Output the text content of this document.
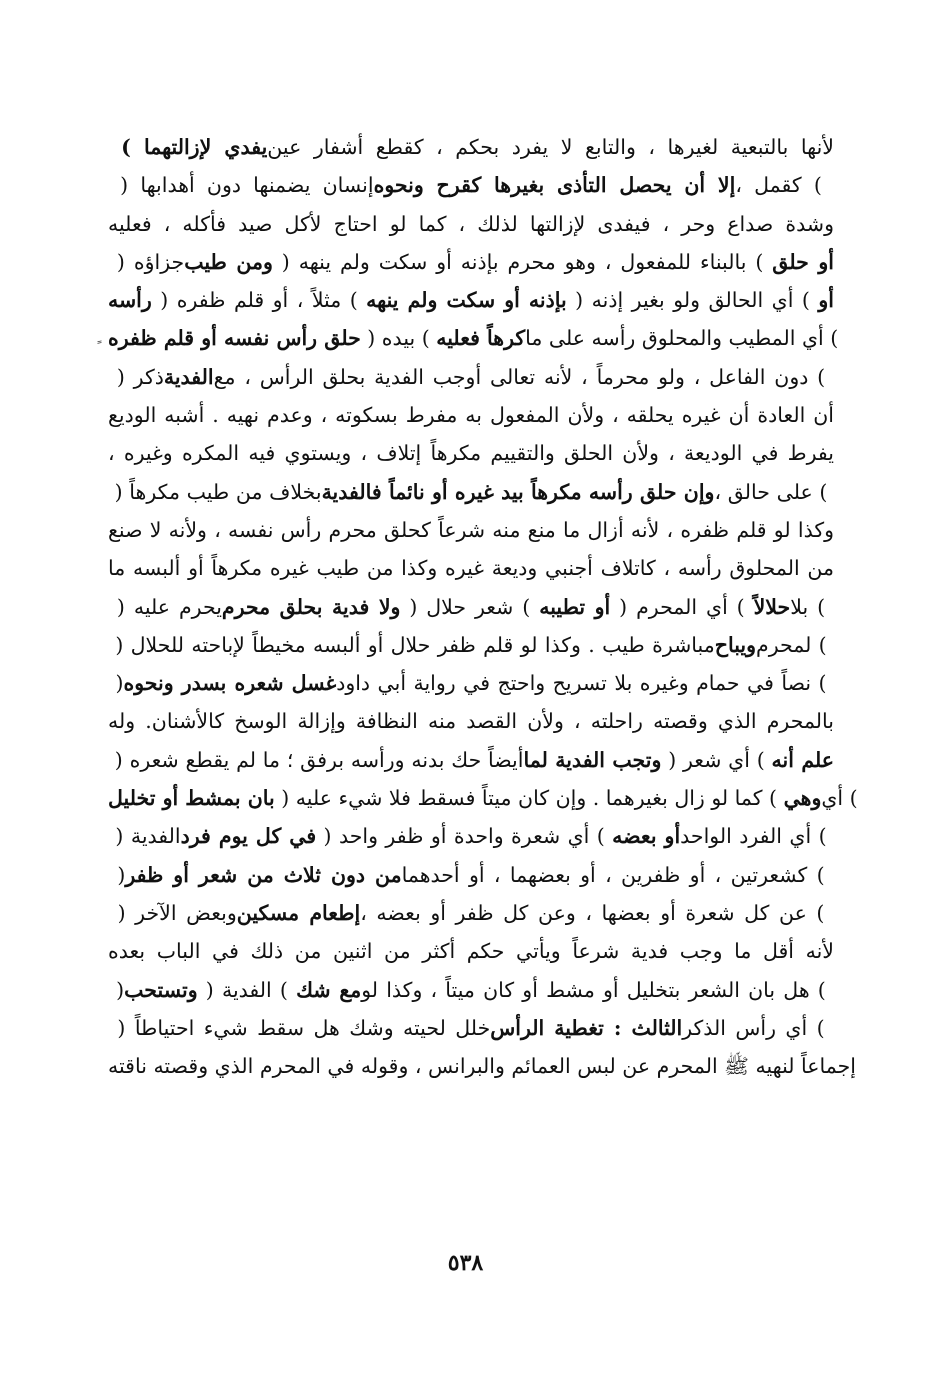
يفدي لإزالتهما ) لأنها بالتبعية لغيرها ، والتابع لا يفرد بحكم ، كقطع أشفار عين
إنسان يضمنها دون أهدابها ( إلا أن يحصل التأذى بغيرها كقرح ونحوه ) كقمل ،
وشدة صداع وحر ، فيفدى لإزالتها لذلك ، كما لو احتاج لأكل صيد فأكله ، فعليه
جزاؤه ( ومن طيب ) بالبناء للمفعول ، وهو محرم بإذنه أو سكت ولم ينهه ( أو حلق
رأسه ) مثلاً ، أو قلم ظفره ( بإذنه أو سكت ولم ينهه ) أي الحالق ولو بغير إذنه ( أو
حلق رأس نفسه أو قلم ظفره ) بيده ( كرهاً فعليه ) أي المطيب والمحلوق رأسه على ما
ذكر ( الفدية ) دون الفاعل ، ولو محرماً ، لأنه تعالى أوجب الفدية بحلق الرأس ، مع
أن العادة أن غيره يحلقه ، ولأن المفعول به مفرط بسكوته ، وعدم نهيه . أشبه الوديع
يفرط في الوديعة ، ولأن الحلق والتقييم مكرهاً إتلاف ، ويستوي فيه المكره وغيره ،
بخلاف من طيب مكرهاً ( وإن حلق رأسه مكرهاً بيد غيره أو نائماً فالفدية ) على حالق ،
وكذا لو قلم ظفره ، لأنه أزال ما منع منه شرعاً كحلق محرم رأس نفسه ، ولأنه لا صنع
من المحلوق رأسه ، كاتلاف أجنبي وديعة غيره وكذا من طيب غيره مكرهاً أو ألبسه ما
يحرم عليه ( ولا فدية بحلق محرم ) شعر حلال ( أو تطيبه ) أي المحرم ( حلالاً ) بلا
مباشرة طيب . وكذا لو قلم ظفر حلال أو ألبسه مخيطاً لإباحته للحلال ( ويباح ) لمحرم
( غسل شعره بسدر ونحوه ) نصاً في حمام وغيره بلا تسريح واحتج في رواية أبي داود
بالمحرم الذي وقصته راحلته ، ولأن القصد منه النظافة وإزالة الوسخ كالأشنان. وله
أيضاً حك بدنه ورأسه برفق ؛ ما لم يقطع شعره ( وتجب الفدية لما ) أي شعر ( علم أنه
بان بمشط أو تخليل ) كما لو زال بغيرهما . وإن كان ميتاً فسقط فلا شيء عليه ( وهي ) أي
الفدية ( في كل يوم فرد ) أي شعرة واحدة أو ظفر واحد ( أو بعضه ) أي الفرد الواحد
( من دون ثلاث من شعر أو ظفر ) كشعرتين ، أو ظفرين ، أو بعضهما ، أو أحدهما
وبعض الآخر ( إطعام مسكين ) عن كل شعرة أو بعضها ، وعن كل ظفر أو بعضه ،
لأنه أقل ما وجب فدية شرعاً ويأتي حكم أكثر من اثنين من ذلك في الباب بعده
( وتستحب ) الفدية ( مع شك ) هل بان الشعر بتخليل أو مشط أو كان ميتاً ، وكذا لو
خلل لحيته وشك هل سقط شيء احتياطاً ( الثالث : تغطية الرأس ) أي رأس الذكر
إجماعاً لنهيه ﷺ المحرم عن لبس العمائم والبرانس ، وقوله في المحرم الذي وقصته ناقته
٥٣٨
